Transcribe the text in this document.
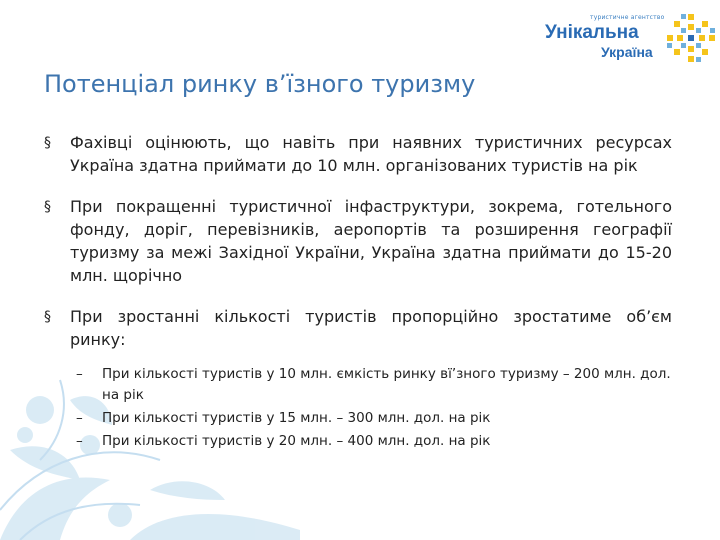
туристичне агентство
Унікальна
Україна
Потенціал ринку в’їзного туризму
§ Фахівці оцінюють, що навіть при наявних туристичних ресурсах Україна здатна приймати до 10 млн. організованих туристів на рік
§ При покращенні туристичної інфаструктури, зокрема, готельного фонду, доріг, перевізників, аеропортів та розширення географії туризму за межі Західної України, Україна здатна приймати до 15-20 млн. щорічно
§ При зростанні кількості туристів пропорційно зростатиме об’єм ринку:
– При кількості туристів у 10 млн. ємкість ринку вї’зного туризму – 200 млн. дол. на рік
– При кількості туристів у 15 млн. – 300 млн. дол. на рік
– При кількості туристів у 20 млн. – 400 млн. дол. на рік
